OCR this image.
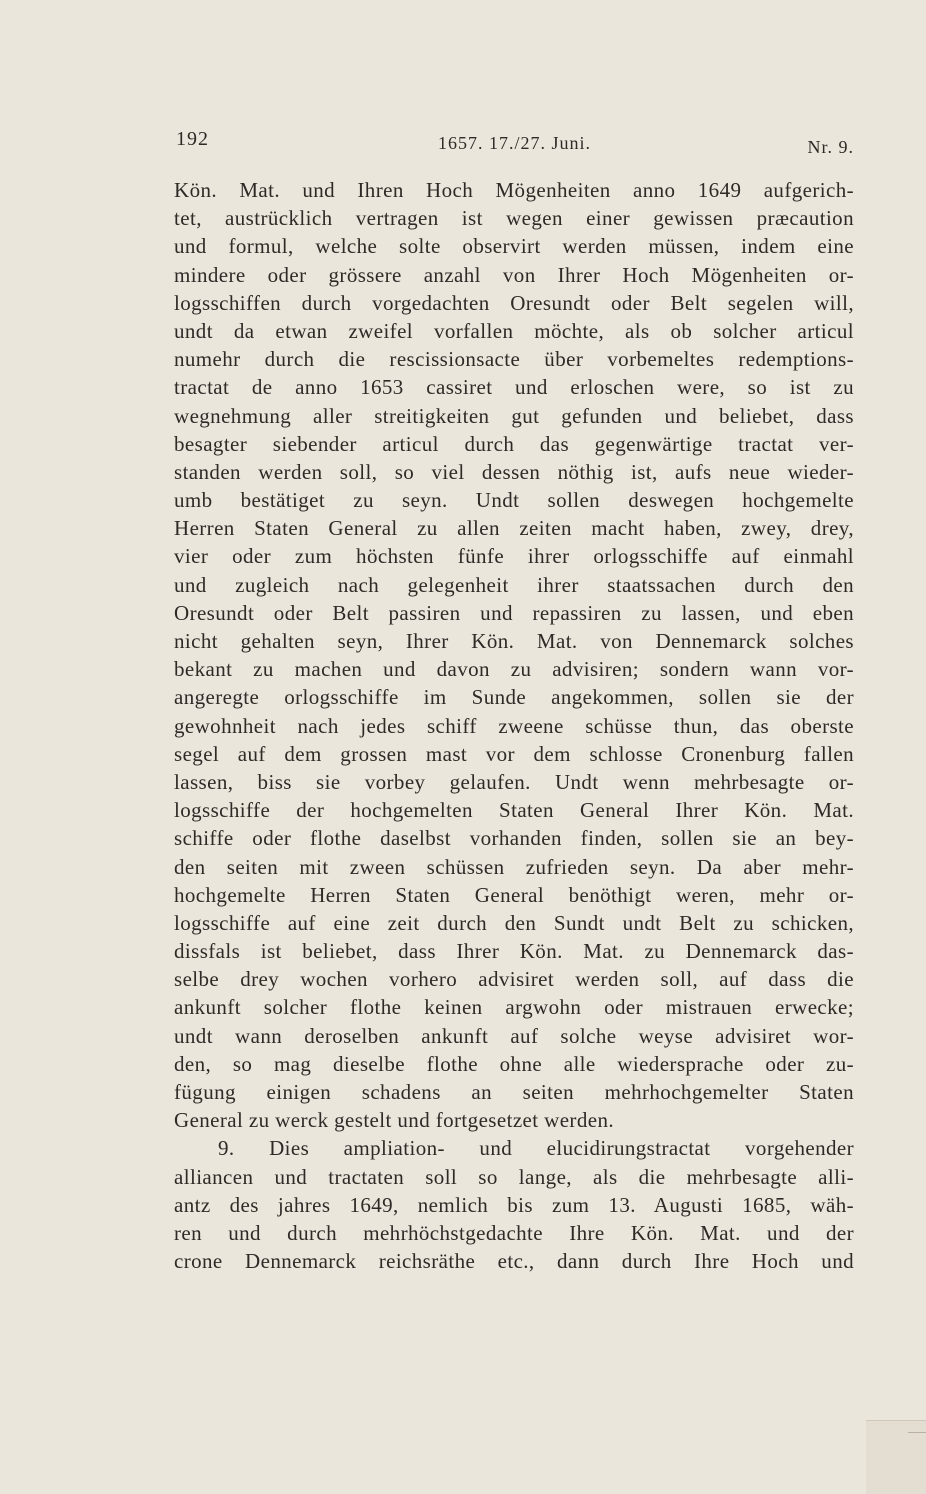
192	1657. 17./27. Juni.	Nr. 9.
Kön. Mat. und Ihren Hoch Mögenheiten anno 1649 aufgerich-
tet, austrücklich vertragen ist wegen einer gewissen præcaution
und formul, welche solte observirt werden müssen, indem eine
mindere oder grössere anzahl von Ihrer Hoch Mögenheiten or-
logsschiffen durch vorgedachten Oresundt oder Belt segelen will,
undt da etwan zweifel vorfallen möchte, als ob solcher articul
numehr durch die rescissionsacte über vorbemeltes redemptions-
tractat de anno 1653 cassiret und erloschen were, so ist zu
wegnehmung aller streitigkeiten gut gefunden und beliebet, dass
besagter siebender articul durch das gegenwärtige tractat ver-
standen werden soll, so viel dessen nöthig ist, aufs neue wieder-
umb bestätiget zu seyn. Undt sollen deswegen hochgemelte
Herren Staten General zu allen zeiten macht haben, zwey, drey,
vier oder zum höchsten fünfe ihrer orlogsschiffe auf einmahl
und zugleich nach gelegenheit ihrer staatssachen durch den
Oresundt oder Belt passiren und repassiren zu lassen, und eben
nicht gehalten seyn, Ihrer Kön. Mat. von Dennemarck solches
bekant zu machen und davon zu advisiren; sondern wann vor-
angeregte orlogsschiffe im Sunde angekommen, sollen sie der
gewohnheit nach jedes schiff zweene schüsse thun, das oberste
segel auf dem grossen mast vor dem schlosse Cronenburg fallen
lassen, biss sie vorbey gelaufen. Undt wenn mehrbesagte or-
logsschiffe der hochgemelten Staten General Ihrer Kön. Mat.
schiffe oder flothe daselbst vorhanden finden, sollen sie an bey-
den seiten mit zween schüssen zufrieden seyn. Da aber mehr-
hochgemelte Herren Staten General benöthigt weren, mehr or-
logsschiffe auf eine zeit durch den Sundt undt Belt zu schicken,
dissfals ist beliebet, dass Ihrer Kön. Mat. zu Dennemarck das-
selbe drey wochen vorhero advisiret werden soll, auf dass die
ankunft solcher flothe keinen argwohn oder mistrauen erwecke;
undt wann deroselben ankunft auf solche weyse advisiret wor-
den, so mag dieselbe flothe ohne alle wiedersprache oder zu-
fügung einigen schadens an seiten mehrhochgemelter Staten
General zu werck gestelt und fortgesetzet werden.
9. Dies ampliation- und elucidirungstractat vorgehender
alliancen und tractaten soll so lange, als die mehrbesagte alli-
antz des jahres 1649, nemlich bis zum 13. Augusti 1685, wäh-
ren und durch mehrhöchstgedachte Ihre Kön. Mat. und der
crone Dennemarck reichsräthe etc., dann durch Ihre Hoch und
